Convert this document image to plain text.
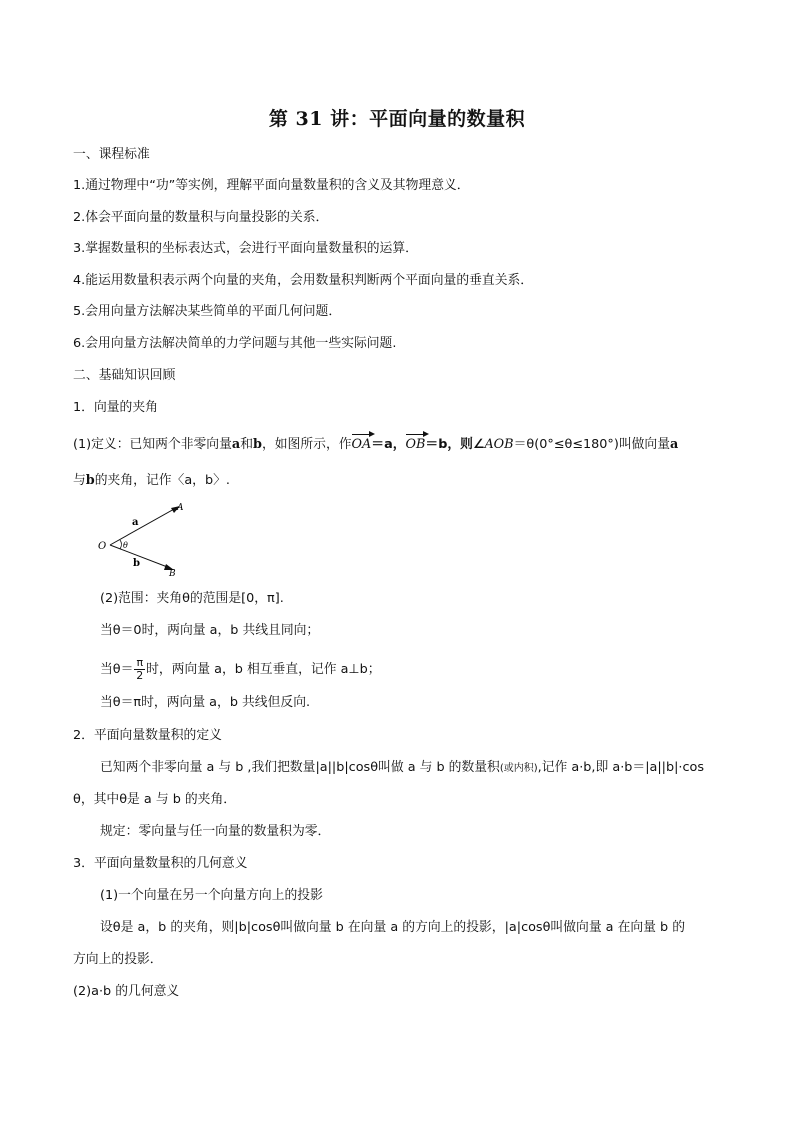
第 31 讲：平面向量的数量积
一、课程标准
1.通过物理中“功”等实例，理解平面向量数量积的含义及其物理意义．
2.体会平面向量的数量积与向量投影的关系．
3.掌握数量积的坐标表达式，会进行平面向量数量积的运算．
4.能运用数量积表示两个向量的夹角，会用数量积判断两个平面向量的垂直关系．
5.会用向量方法解决某些简单的平面几何问题．
6.会用向量方法解决简单的力学问题与其他一些实际问题.
二、基础知识回顾
1．向量的夹角
(1)定义：已知两个非零向量a和b，如图所示，作OA＝a，OB＝b，则∠AOB＝θ(0°≤θ≤180°)叫做向量a
与b的夹角，记作〈a，b〉.
O
A
B
a
b
θ
(2)范围：夹角θ的范围是[0，π].
当θ＝0时，两向量 a，b 共线且同向；
当$\theta= \frac{\pi}{2}$ 时，两向量 a，b 相互垂直，记作 a⊥b；
当θ＝π时，两向量 a，b 共线但反向.
2．平面向量数量积的定义
已知两个非零向量 a 与 b ,我们把数量|a||b|cosθ叫做 a 与 b 的数量积(或内积),记作 a·b,即 a·b＝|a||b|·cos
θ，其中θ是 a 与 b 的夹角．
规定：零向量与任一向量的数量积为零．
3．平面向量数量积的几何意义
(1)一个向量在另一个向量方向上的投影
设θ是 a，b 的夹角，则|b|cosθ叫做向量 b 在向量 a 的方向上的投影，|a|cosθ叫做向量 a 在向量 b 的
方向上的投影．
(2)a·b 的几何意义
